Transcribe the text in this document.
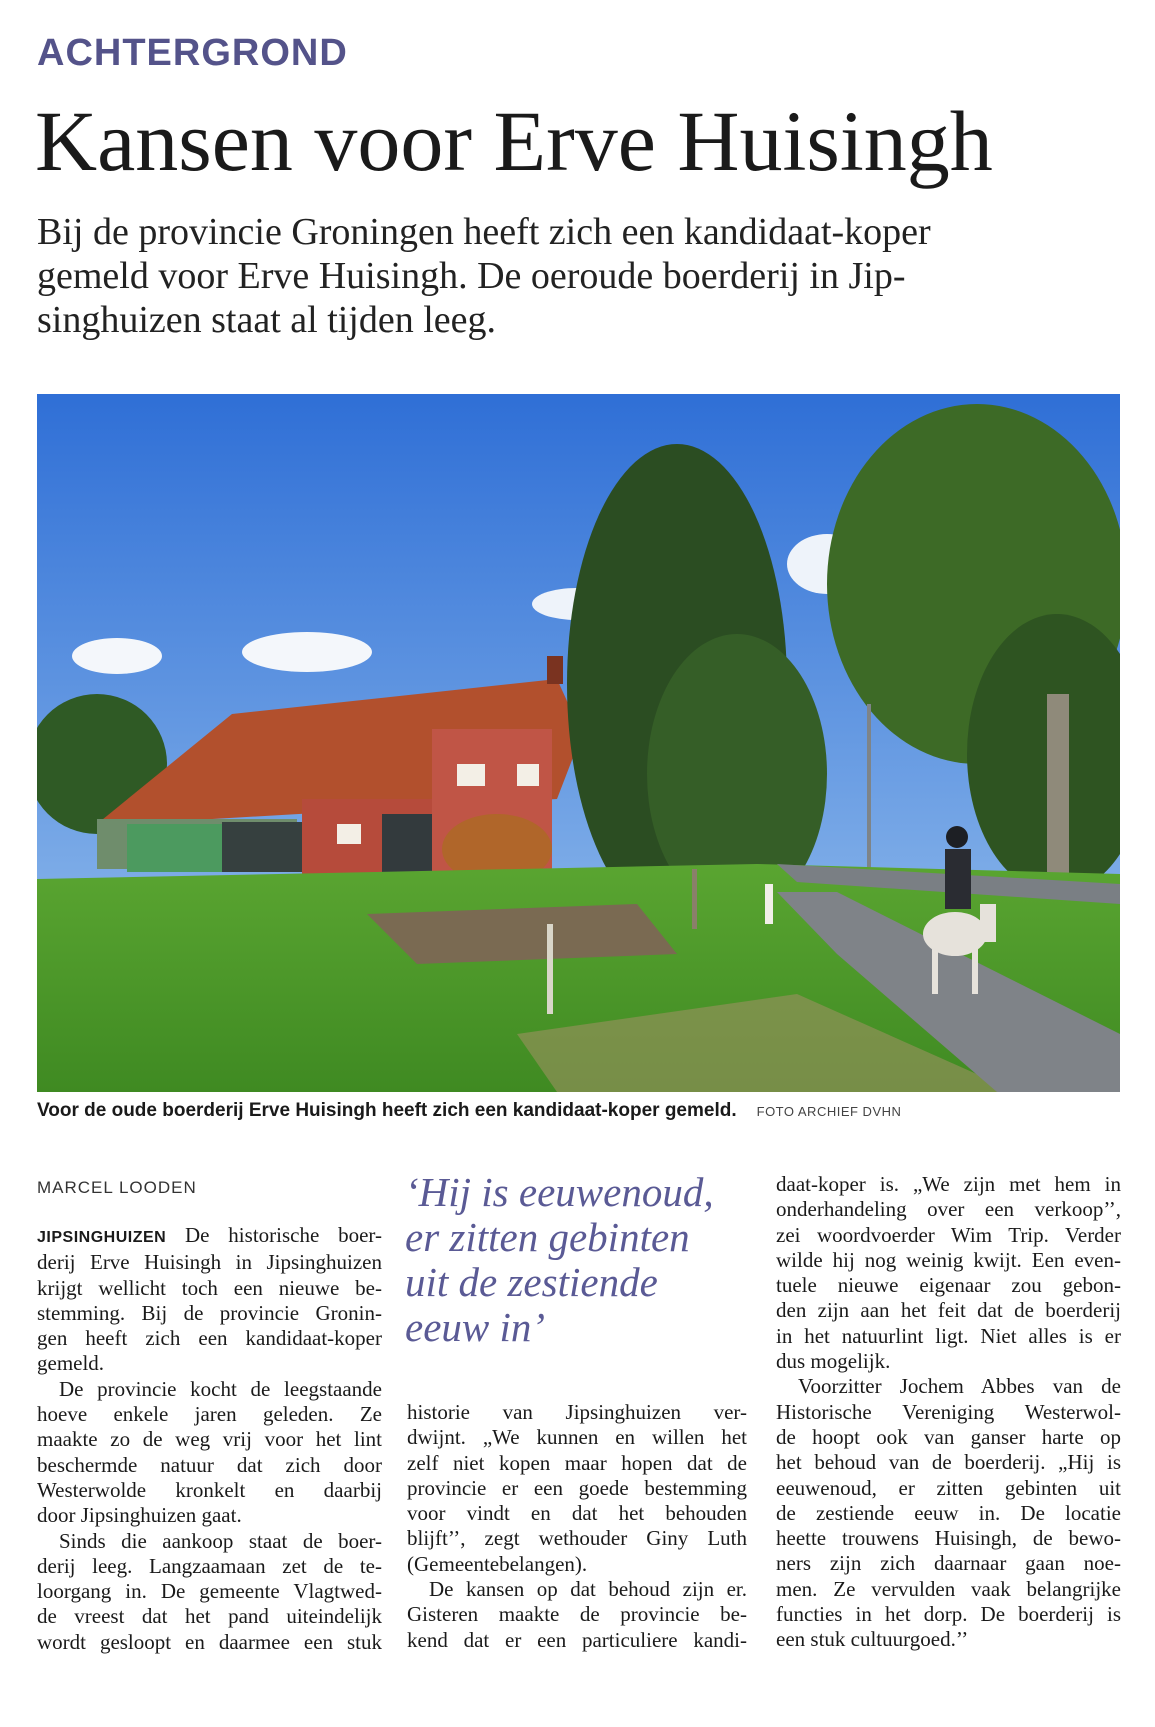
ACHTERGROND
Kansen voor Erve Huisingh
Bij de provincie Groningen heeft zich een kandidaat-koper
gemeld voor Erve Huisingh. De oeroude boerderij in Jip-
singhuizen staat al tijden leeg.
Voor de oude boerderij Erve Huisingh heeft zich een kandidaat-koper gemeld. FOTO ARCHIEF DVHN
MARCEL LOODEN
JIPSINGHUIZEN De historische boer-
derij Erve Huisingh in Jipsinghuizen
krijgt wellicht toch een nieuwe be-
stemming. Bij de provincie Gronin-
gen heeft zich een kandidaat-koper
gemeld.
De provincie kocht de leegstaande
hoeve enkele jaren geleden. Ze
maakte zo de weg vrij voor het lint
beschermde natuur dat zich door
Westerwolde kronkelt en daarbij
door Jipsinghuizen gaat.
Sinds die aankoop staat de boer-
derij leeg. Langzaamaan zet de te-
loorgang in. De gemeente Vlagtwed-
de vreest dat het pand uiteindelijk
wordt gesloopt en daarmee een stuk
‘Hij is eeuwenoud,
er zitten gebinten
uit de zestiende
eeuw in’
historie van Jipsinghuizen ver-
dwijnt. „We kunnen en willen het
zelf niet kopen maar hopen dat de
provincie er een goede bestemming
voor vindt en dat het behouden
blijft’’, zegt wethouder Giny Luth
(Gemeentebelangen).
De kansen op dat behoud zijn er.
Gisteren maakte de provincie be-
kend dat er een particuliere kandi-
daat-koper is. „We zijn met hem in
onderhandeling over een verkoop’’,
zei woordvoerder Wim Trip. Verder
wilde hij nog weinig kwijt. Een even-
tuele nieuwe eigenaar zou gebon-
den zijn aan het feit dat de boerderij
in het natuurlint ligt. Niet alles is er
dus mogelijk.
Voorzitter Jochem Abbes van de
Historische Vereniging Westerwol-
de hoopt ook van ganser harte op
het behoud van de boerderij. „Hij is
eeuwenoud, er zitten gebinten uit
de zestiende eeuw in. De locatie
heette trouwens Huisingh, de bewo-
ners zijn zich daarnaar gaan noe-
men. Ze vervulden vaak belangrijke
functies in het dorp. De boerderij is
een stuk cultuurgoed.’’
